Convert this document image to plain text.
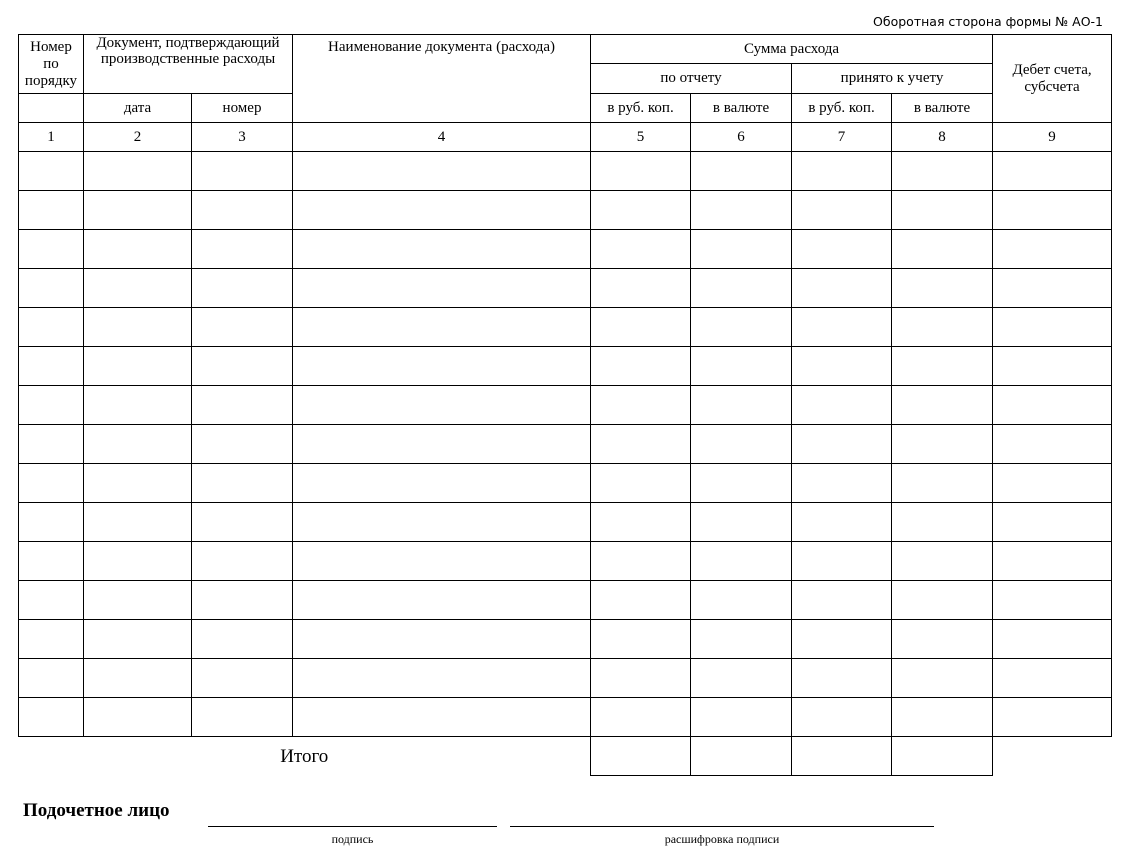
Оборотная сторона формы № АО-1
Номер по порядку	Документ, подтверждающий производственные расходы		Наименование документа (расхода)	Сумма расхода				Дебет счета, субсчета
				по отчету		принято к учету		
	дата	номер		в руб. коп.	в валюте	в руб. коп.	в валюте	
1	2	3	4	5	6	7	8	9

Итого								
Подочетное лицо
подпись	расшифровка подписи
